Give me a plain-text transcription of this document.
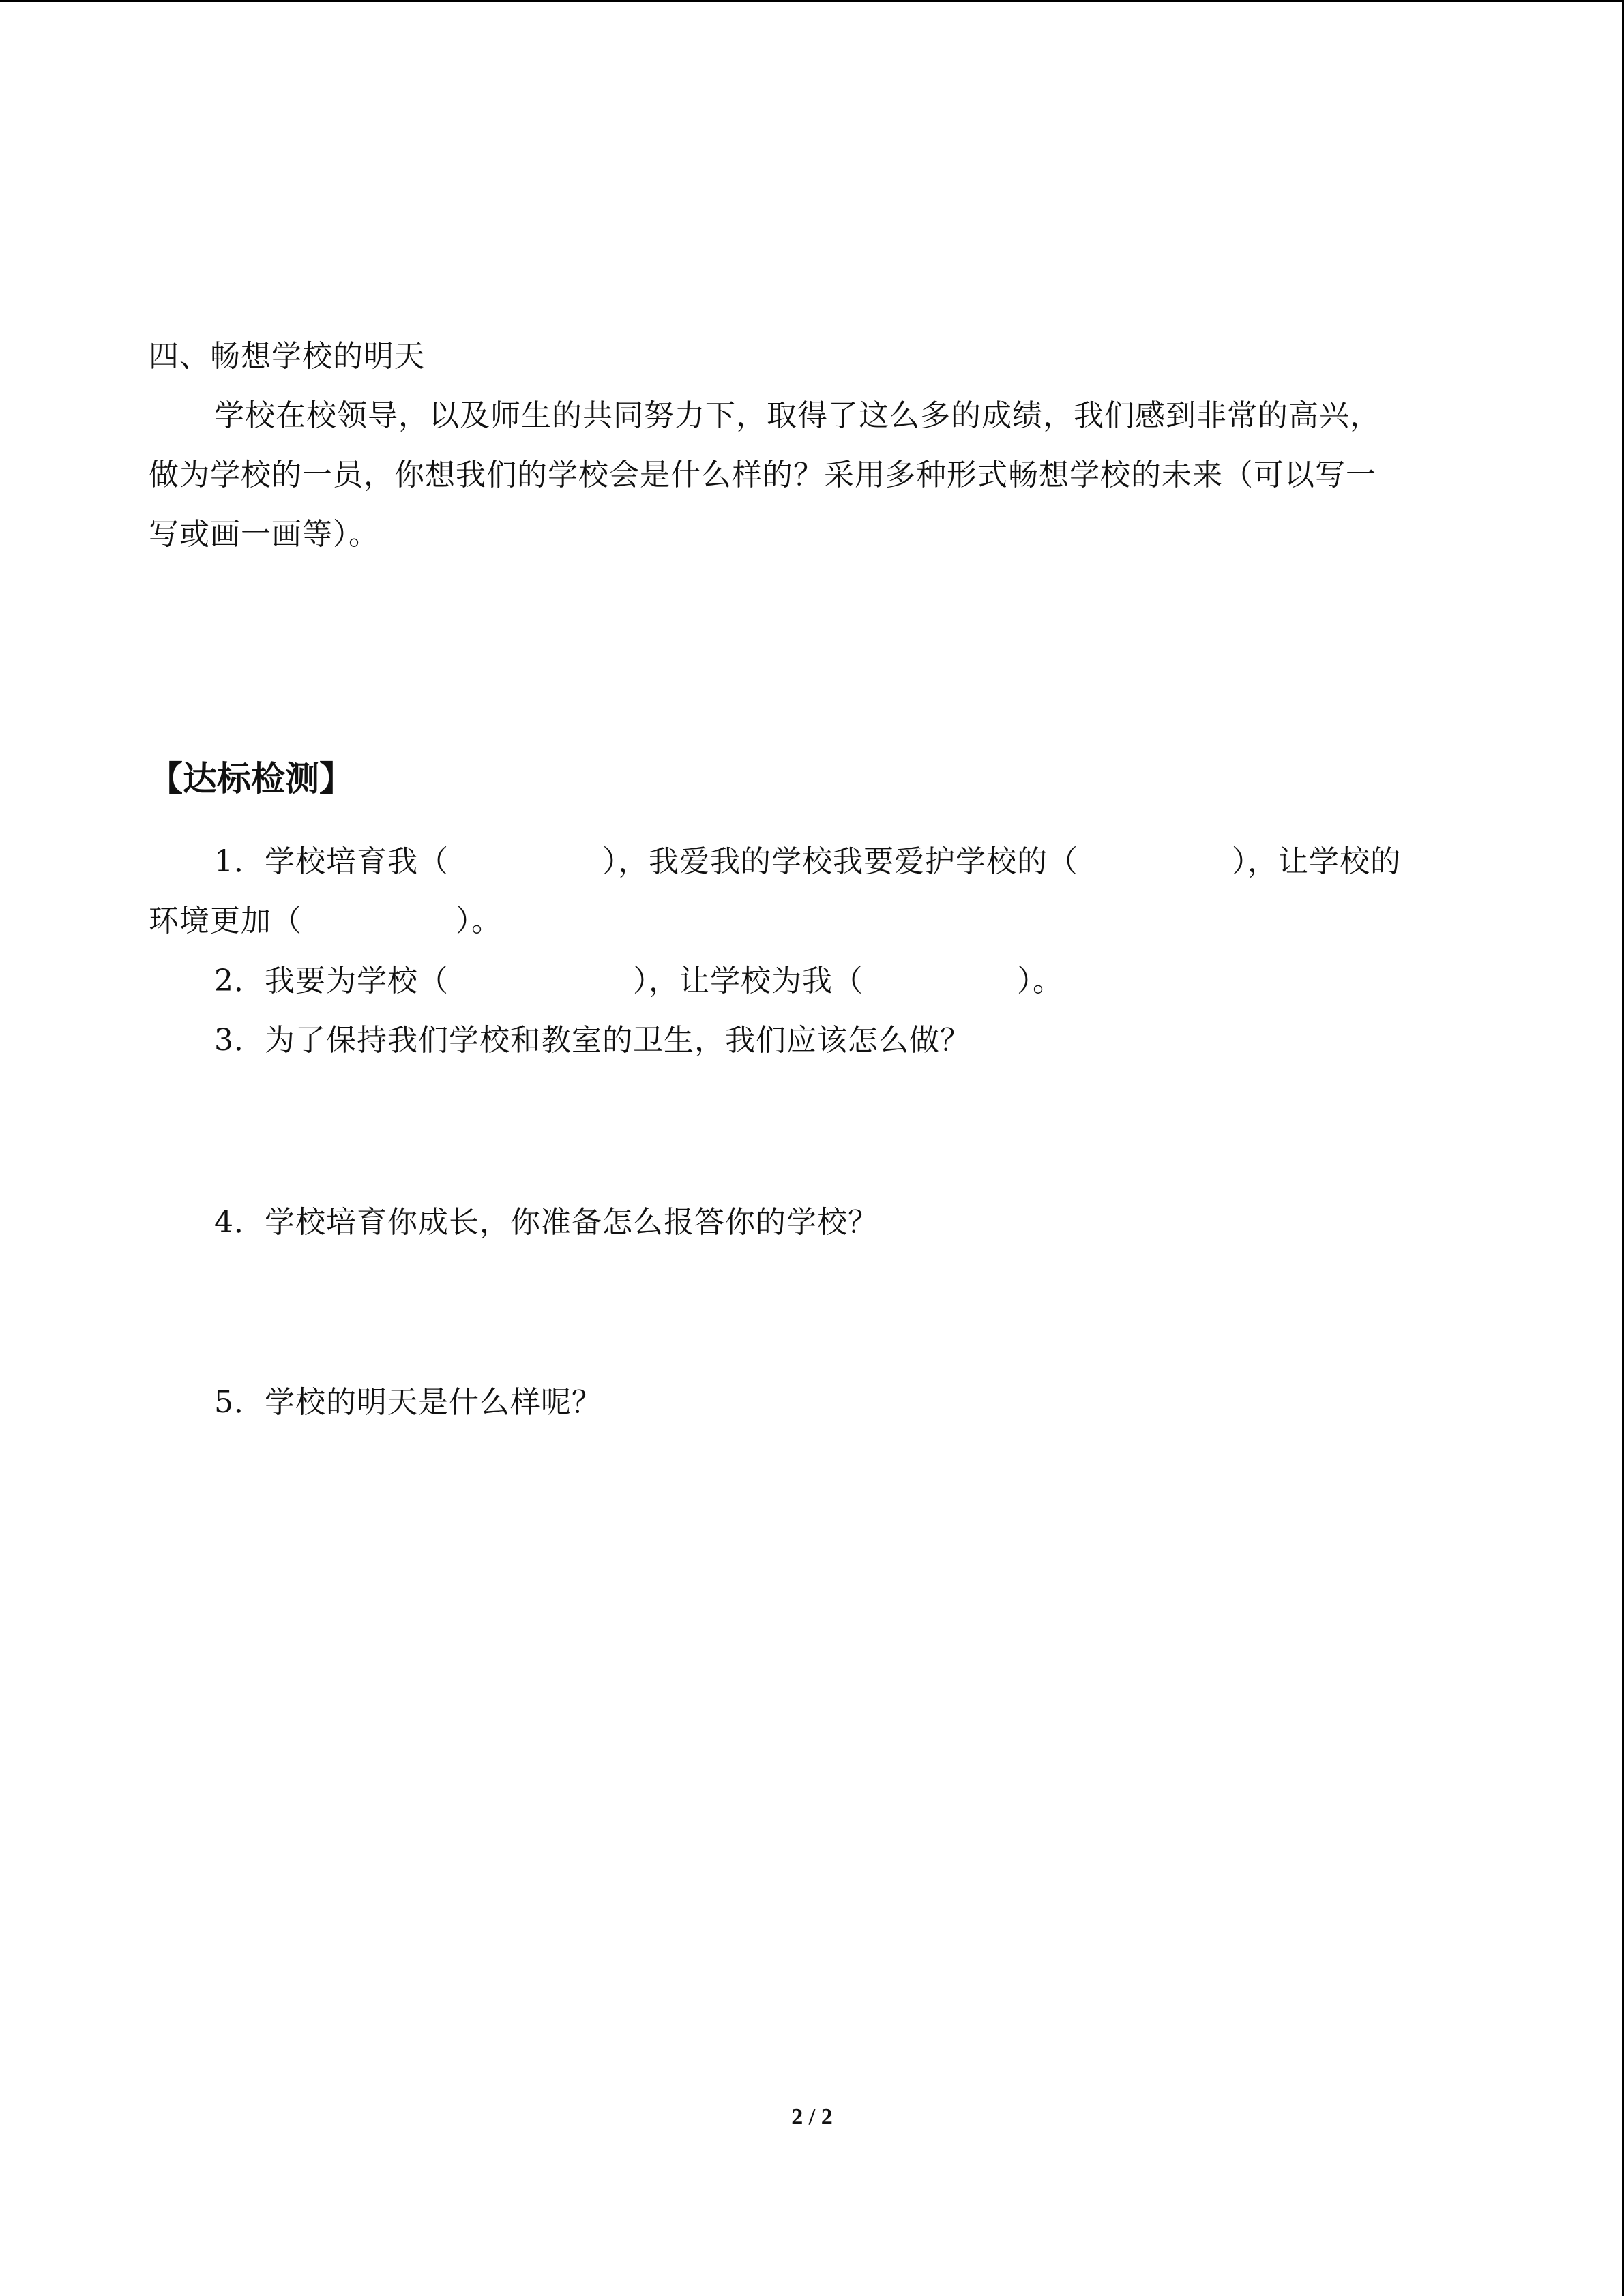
四、畅想学校的明天
学校在校领导，以及师生的共同努力下，取得了这么多的成绩，我们感到非常的高兴，
做为学校的一员，你想我们的学校会是什么样的？采用多种形式畅想学校的未来（可以写一
写或画一画等）。
【达标检测】
1．学校培育我（　　　　　），我爱我的学校我要爱护学校的（　　　　　），让学校的
环境更加（　　　　　）。
2．我要为学校（　　　　　　），让学校为我（　　　　　）。
3．为了保持我们学校和教室的卫生，我们应该怎么做？
4．学校培育你成长，你准备怎么报答你的学校？
5．学校的明天是什么样呢？
2 / 2
